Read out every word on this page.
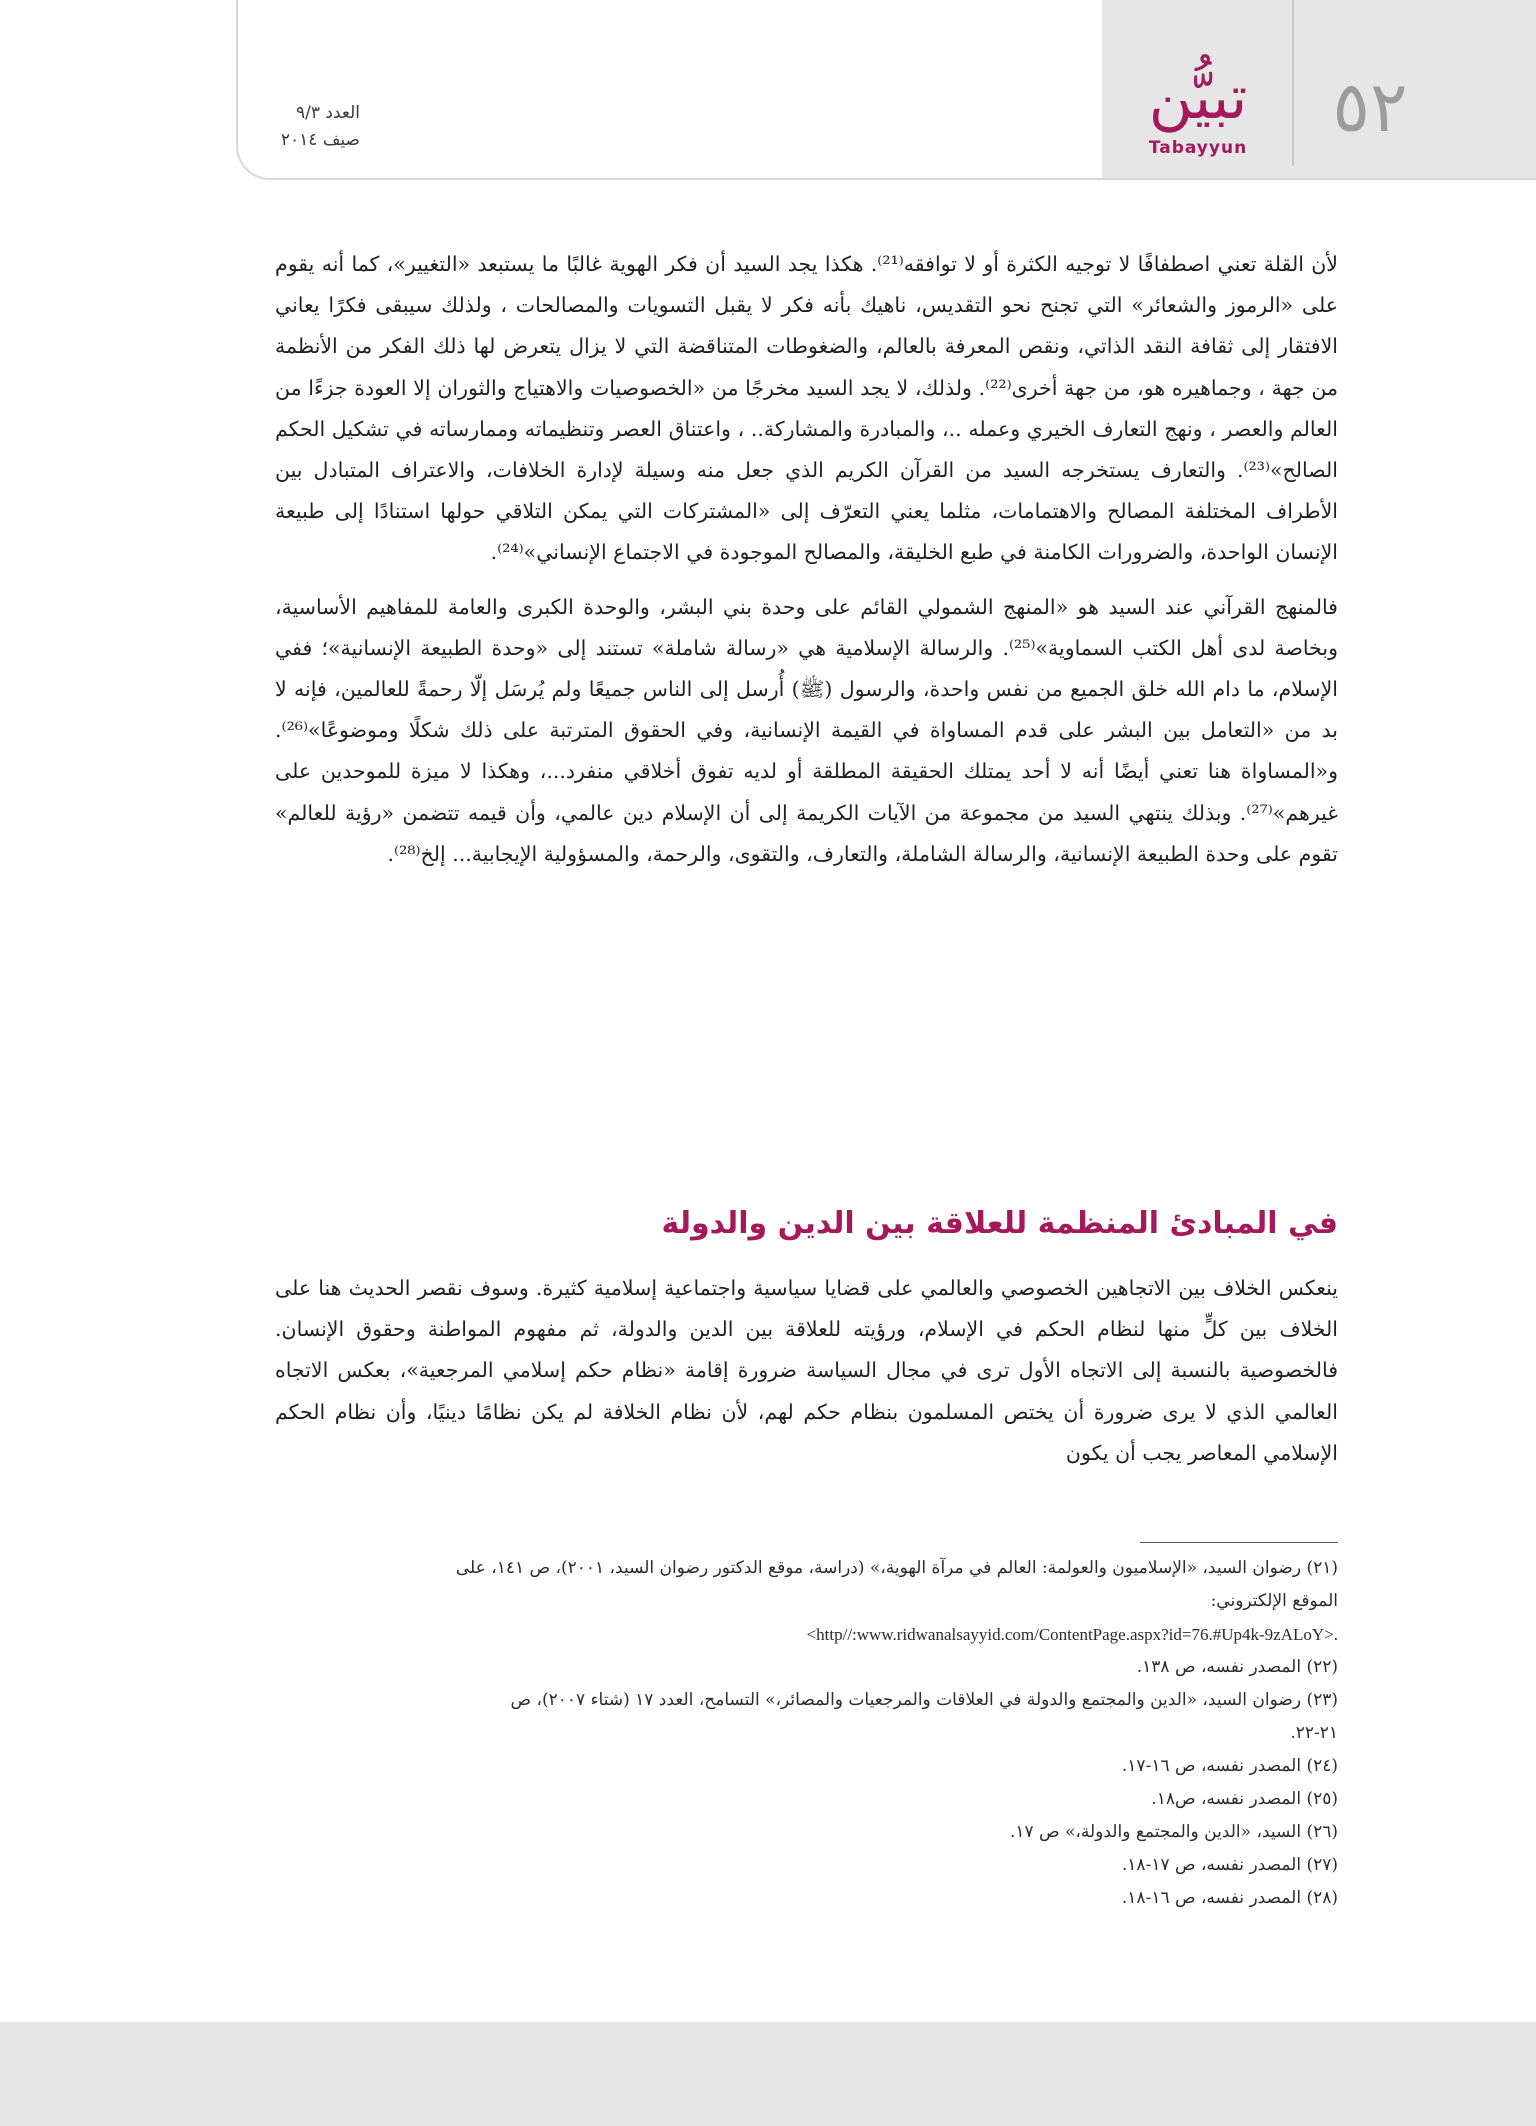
٥٢
تبيُّن
Tabayyun
العدد ٩/٣
صيف ٢٠١٤

لأن القلة تعني اصطفافًا لا توجيه الكثرة أو لا توافقه⁽²¹⁾. هكذا يجد السيد أن فكر الهوية غالبًا ما يستبعد «التغيير»، كما أنه يقوم على «الرموز والشعائر» التي تجنح نحو التقديس، ناهيك بأنه فكر لا يقبل التسويات والمصالحات ، ولذلك سيبقى فكرًا يعاني الافتقار إلى ثقافة النقد الذاتي، ونقص المعرفة بالعالم، والضغوطات المتناقضة التي لا يزال يتعرض لها ذلك الفكر من الأنظمة من جهة ، وجماهيره هو، من جهة أخرى⁽²²⁾. ولذلك، لا يجد السيد مخرجًا من «الخصوصيات والاهتياج والثوران إلا العودة جزءًا من العالم والعصر ، ونهج التعارف الخيري وعمله ..، والمبادرة والمشاركة.. ، واعتناق العصر وتنظيماته وممارساته في تشكيل الحكم الصالح»⁽²³⁾. والتعارف يستخرجه السيد من القرآن الكريم الذي جعل منه وسيلة لإدارة الخلافات، والاعتراف المتبادل بين الأطراف المختلفة المصالح والاهتمامات، مثلما يعني التعرّف إلى «المشتركات التي يمكن التلاقي حولها استنادًا إلى طبيعة الإنسان الواحدة، والضرورات الكامنة في طبع الخليقة، والمصالح الموجودة في الاجتماع الإنساني»⁽²⁴⁾.

فالمنهج القرآني عند السيد هو «المنهج الشمولي القائم على وحدة بني البشر، والوحدة الكبرى والعامة للمفاهيم الأساسية، وبخاصة لدى أهل الكتب السماوية»⁽²⁵⁾. والرسالة الإسلامية هي «رسالة شاملة» تستند إلى «وحدة الطبيعة الإنسانية»؛ ففي الإسلام، ما دام الله خلق الجميع من نفس واحدة، والرسول (ﷺ) أُرسل إلى الناس جميعًا ولم يُرسَل إلّا رحمةً للعالمين، فإنه لا بد من «التعامل بين البشر على قدم المساواة في القيمة الإنسانية، وفي الحقوق المترتبة على ذلك شكلًا وموضوعًا»⁽²⁶⁾. و«المساواة هنا تعني أيضًا أنه لا أحد يمتلك الحقيقة المطلقة أو لديه تفوق أخلاقي منفرد...، وهكذا لا ميزة للموحدين على غيرهم»⁽²⁷⁾. وبذلك ينتهي السيد من مجموعة من الآيات الكريمة إلى أن الإسلام دين عالمي، وأن قيمه تتضمن «رؤية للعالم» تقوم على وحدة الطبيعة الإنسانية، والرسالة الشاملة، والتعارف، والتقوى، والرحمة، والمسؤولية الإيجابية... إلخ⁽²⁸⁾.

في المبادئ المنظمة للعلاقة بين الدين والدولة

ينعكس الخلاف بين الاتجاهين الخصوصي والعالمي على قضايا سياسية واجتماعية إسلامية كثيرة. وسوف نقصر الحديث هنا على الخلاف بين كلٍّ منها لنظام الحكم في الإسلام، ورؤيته للعلاقة بين الدين والدولة، ثم مفهوم المواطنة وحقوق الإنسان. فالخصوصية بالنسبة إلى الاتجاه الأول ترى في مجال السياسة ضرورة إقامة «نظام حكم إسلامي المرجعية»، بعكس الاتجاه العالمي الذي لا يرى ضرورة أن يختص المسلمون بنظام حكم لهم، لأن نظام الخلافة لم يكن نظامًا دينيًا، وأن نظام الحكم الإسلامي المعاصر يجب أن يكون

(٢١) رضوان السيد، «الإسلاميون والعولمة: العالم في مرآة الهوية،» (دراسة، موقع الدكتور رضوان السيد، ٢٠٠١)، ص ١٤١، على
الموقع الإلكتروني:
<http//:www.ridwanalsayyid.com/ContentPage.aspx?id=76.#Up4k-9zALoY>.
(٢٢) المصدر نفسه، ص ١٣٨.
(٢٣) رضوان السيد، «الدين والمجتمع والدولة في العلاقات والمرجعيات والمصائر،» التسامح، العدد ١٧ (شتاء ٢٠٠٧)، ص
٢١-٢٢.
(٢٤) المصدر نفسه، ص ١٦-١٧.
(٢٥) المصدر نفسه، ص١٨.
(٢٦) السيد، «الدين والمجتمع والدولة،» ص ١٧.
(٢٧) المصدر نفسه، ص ١٧-١٨.
(٢٨) المصدر نفسه، ص ١٦-١٨.
